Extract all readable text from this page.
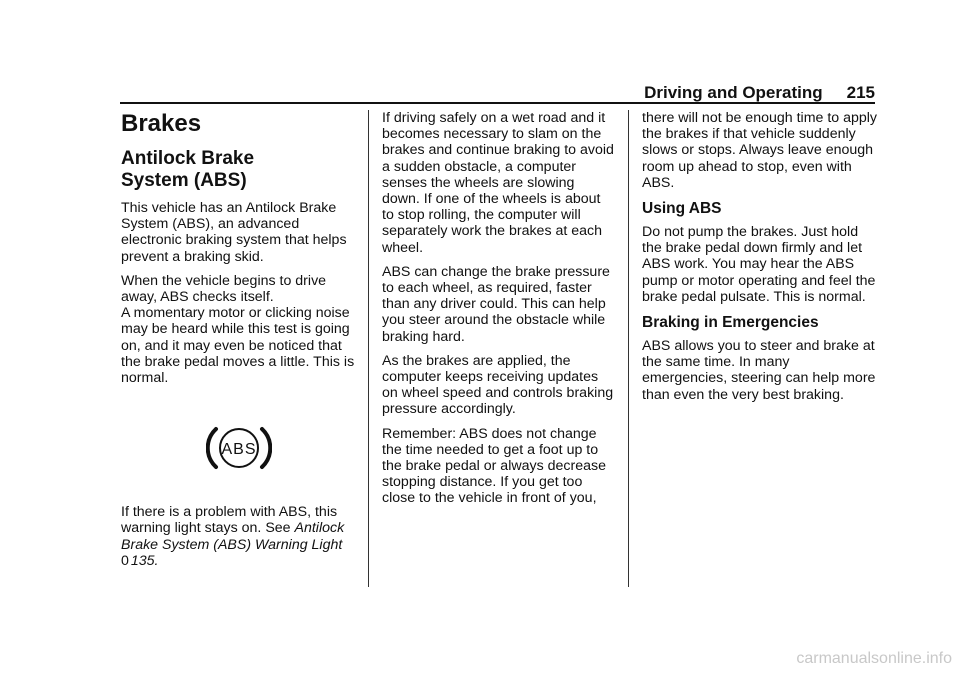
Driving and Operating 215
Brakes
Antilock Brake
System (ABS)

This vehicle has an Antilock Brake System (ABS), an advanced electronic braking system that helps prevent a braking skid.

When the vehicle begins to drive away, ABS checks itself.

A momentary motor or clicking noise may be heard while this test is going on, and it may even be noticed that the brake pedal moves a little. This is normal.

ABS

If there is a problem with ABS, this warning light stays on. See Antilock Brake System (ABS) Warning Light
0 135.

If driving safely on a wet road and it becomes necessary to slam on the brakes and continue braking to avoid a sudden obstacle, a computer senses the wheels are slowing down. If one of the wheels is about to stop rolling, the computer will separately work the brakes at each wheel.

ABS can change the brake pressure to each wheel, as required, faster than any driver could. This can help you steer around the obstacle while braking hard.

As the brakes are applied, the computer keeps receiving updates on wheel speed and controls braking pressure accordingly.

Remember: ABS does not change the time needed to get a foot up to the brake pedal or always decrease stopping distance. If you get too close to the vehicle in front of you,

there will not be enough time to apply the brakes if that vehicle suddenly slows or stops. Always leave enough room up ahead to stop, even with ABS.

Using ABS

Do not pump the brakes. Just hold the brake pedal down firmly and let ABS work. You may hear the ABS pump or motor operating and feel the brake pedal pulsate. This is normal.

Braking in Emergencies

ABS allows you to steer and brake at the same time. In many emergencies, steering can help more than even the very best braking.

carmanualsonline.info
